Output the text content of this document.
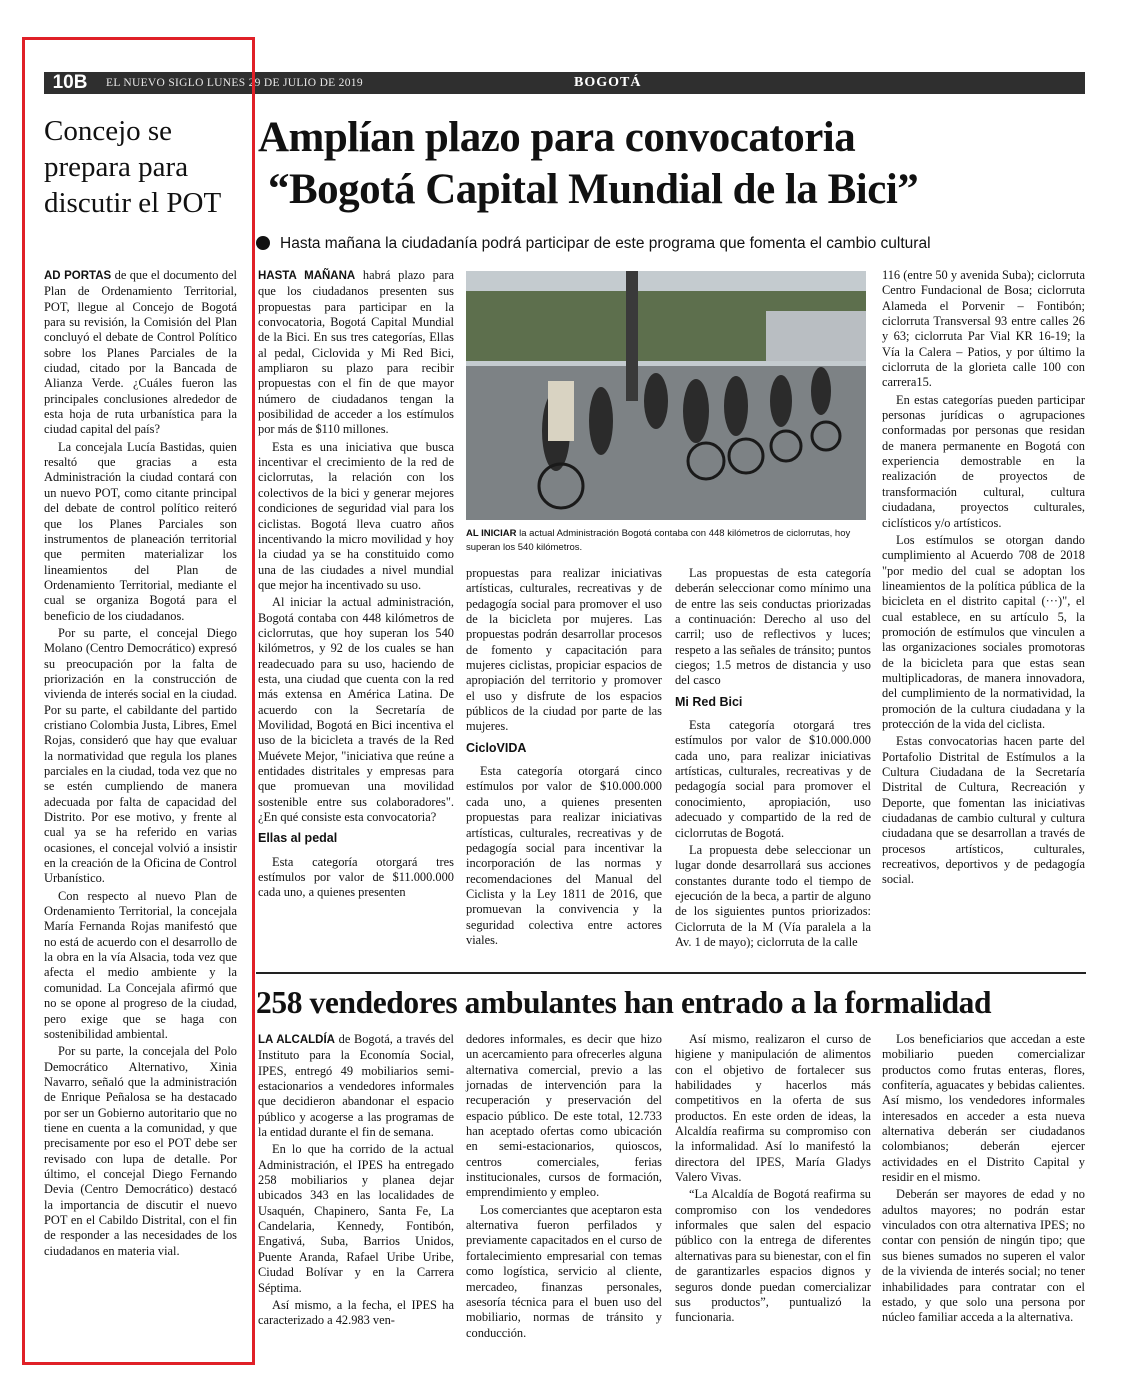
10B	EL NUEVO SIGLO LUNES 29 DE JULIO DE 2019	BOGOTÁ
Concejo se prepara para discutir el POT

AD PORTAS de que el documento del Plan de Ordenamiento Territorial, POT, llegue al Concejo de Bogotá para su revisión, la Comisión del Plan concluyó el debate de Control Político sobre los Planes Parciales de la ciudad, citado por la Bancada de Alianza Verde. ¿Cuáles fueron las principales conclusiones alrededor de esta hoja de ruta urbanística para la ciudad capital del país?

La concejala Lucía Bastidas, quien resaltó que gracias a esta Administración la ciudad contará con un nuevo POT, como citante principal del debate de control político reiteró que los Planes Parciales son instrumentos de planeación territorial que permiten materializar los lineamientos del Plan de Ordenamiento Territorial, mediante el cual se organiza Bogotá para el beneficio de los ciudadanos.

Por su parte, el concejal Diego Molano (Centro Democrático) expresó su preocupación por la falta de priorización en la construcción de vivienda de interés social en la ciudad. Por su parte, el cabildante del partido cristiano Colombia Justa, Libres, Emel Rojas, consideró que hay que evaluar la normatividad que regula los planes parciales en la ciudad, toda vez que no se estén cumpliendo de manera adecuada por falta de capacidad del Distrito. Por ese motivo, y frente al cual ya se ha referido en varias ocasiones, el concejal volvió a insistir en la creación de la Oficina de Control Urbanístico.

Con respecto al nuevo Plan de Ordenamiento Territorial, la concejala María Fernanda Rojas manifestó que no está de acuerdo con el desarrollo de la obra en la vía Alsacia, toda vez que afecta el medio ambiente y la comunidad. La Concejala afirmó que no se opone al progreso de la ciudad, pero exige que se haga con sostenibilidad ambiental.

Por su parte, la concejala del Polo Democrático Alternativo, Xinia Navarro, señaló que la administración de Enrique Peñalosa se ha destacado por ser un Gobierno autoritario que no tiene en cuenta a la comunidad, y que precisamente por eso el POT debe ser revisado con lupa de detalle. Por último, el concejal Diego Fernando Devia (Centro Democrático) destacó la importancia de discutir el nuevo POT en el Cabildo Distrital, con el fin de responder a las necesidades de los ciudadanos en materia vial.

Amplían plazo para convocatoria
“Bogotá Capital Mundial de la Bici”
Hasta mañana la ciudadanía podrá participar de este programa que fomenta el cambio cultural

HASTA MAÑANA habrá plazo para que los ciudadanos presenten sus propuestas para participar en la convocatoria, Bogotá Capital Mundial de la Bici. En sus tres categorías, Ellas al pedal, Ciclovida y Mi Red Bici, ampliaron su plazo para recibir propuestas con el fin de que mayor número de ciudadanos tengan la posibilidad de acceder a los estímulos por más de $110 millones.

Esta es una iniciativa que busca incentivar el crecimiento de la red de ciclorrutas, la relación con los colectivos de la bici y generar mejores condiciones de seguridad vial para los ciclistas. Bogotá lleva cuatro años incentivando la micro movilidad y hoy la ciudad ya se ha constituido como una de las ciudades a nivel mundial que mejor ha incentivado su uso.

Al iniciar la actual administración, Bogotá contaba con 448 kilómetros de ciclorrutas, que hoy superan los 540 kilómetros, y 92 de los cuales se han readecuado para su uso, haciendo de esta, una ciudad que cuenta con la red más extensa en América Latina. De acuerdo con la Secretaría de Movilidad, Bogotá en Bici incentiva el uso de la bicicleta a través de la Red Muévete Mejor, "iniciativa que reúne a entidades distritales y empresas para que promuevan una movilidad sostenible entre sus colaboradores". ¿En qué consiste esta convocatoria?

Ellas al pedal

Esta categoría otorgará tres estímulos por valor de $11.000.000 cada uno, a quienes presenten

AL INICIAR la actual Administración Bogotá contaba con 448 kilómetros de ciclorrutas, hoy superan los 540 kilómetros.

propuestas para realizar iniciativas artísticas, culturales, recreativas y de pedagogía social para promover el uso de la bicicleta por mujeres. Las propuestas podrán desarrollar procesos de fomento y capacitación para mujeres ciclistas, propiciar espacios de apropiación del territorio y promover el uso y disfrute de los espacios públicos de la ciudad por parte de las mujeres.

CicloVIDA

Esta categoría otorgará cinco estímulos por valor de $10.000.000 cada uno, a quienes presenten propuestas para realizar iniciativas artísticas, culturales, recreativas y de pedagogía social para incentivar la incorporación de las normas y recomendaciones del Manual del Ciclista y la Ley 1811 de 2016, que promuevan la convivencia y la seguridad colectiva entre actores viales.

Las propuestas de esta categoría deberán seleccionar como mínimo una de entre las seis conductas priorizadas a continuación: Derecho al uso del carril; uso de reflectivos y luces; respeto a las señales de tránsito; puntos ciegos; 1.5 metros de distancia y uso del casco

Mi Red Bici

Esta categoría otorgará tres estímulos por valor de $10.000.000 cada uno, para realizar iniciativas artísticas, culturales, recreativas y de pedagogía social para promover el conocimiento, apropiación, uso adecuado y compartido de la red de ciclorrutas de Bogotá.

La propuesta debe seleccionar un lugar donde desarrollará sus acciones constantes durante todo el tiempo de ejecución de la beca, a partir de alguno de los siguientes puntos priorizados: Ciclorruta de la M (Vía paralela a la Av. 1 de mayo); ciclorruta de la calle

116 (entre 50 y avenida Suba); ciclorruta Centro Fundacional de Bosa; ciclorruta Alameda el Porvenir – Fontibón; ciclorruta Transversal 93 entre calles 26 y 63; ciclorruta Par Vial KR 16-19; la Vía la Calera – Patios, y por último la ciclorruta de la glorieta calle 100 con carrera15.

En estas categorías pueden participar personas jurídicas o agrupaciones conformadas por personas que residan de manera permanente en Bogotá con experiencia demostrable en la realización de proyectos de transformación cultural, cultura ciudadana, proyectos culturales, ciclísticos y/o artísticos.

Los estímulos se otorgan dando cumplimiento al Acuerdo 708 de 2018 "por medio del cual se adoptan los lineamientos de la política pública de la bicicleta en el distrito capital (···)", el cual establece, en su artículo 5, la promoción de estímulos que vinculen a las organizaciones sociales promotoras de la bicicleta para que estas sean multiplicadoras, de manera innovadora, del cumplimiento de la normatividad, la promoción de la cultura ciudadana y la protección de la vida del ciclista.

Estas convocatorias hacen parte del Portafolio Distrital de Estímulos a la Cultura Ciudadana de la Secretaría Distrital de Cultura, Recreación y Deporte, que fomentan las iniciativas ciudadanas de cambio cultural y cultura ciudadana que se desarrollan a través de procesos artísticos, culturales, recreativos, deportivos y de pedagogía social.

258 vendedores ambulantes han entrado a la formalidad

LA ALCALDÍA de Bogotá, a través del Instituto para la Economía Social, IPES, entregó 49 mobiliarios semi-estacionarios a vendedores informales que decidieron abandonar el espacio público y acogerse a las programas de la entidad durante el fin de semana.

En lo que ha corrido de la actual Administración, el IPES ha entregado 258 mobiliarios y planea dejar ubicados 343 en las localidades de Usaquén, Chapinero, Santa Fe, La Candelaria, Kennedy, Fontibón, Engativá, Suba, Barrios Unidos, Puente Aranda, Rafael Uribe Uribe, Ciudad Bolívar y en la Carrera Séptima.

Así mismo, a la fecha, el IPES ha caracterizado a 42.983 ven-

dedores informales, es decir que hizo un acercamiento para ofrecerles alguna alternativa comercial, previo a las jornadas de intervención para la recuperación y preservación del espacio público. De este total, 12.733 han aceptado ofertas como ubicación en semi-estacionarios, quioscos, centros comerciales, ferias institucionales, cursos de formación, emprendimiento y empleo.

Los comerciantes que aceptaron esta alternativa fueron perfilados y previamente capacitados en el curso de fortalecimiento empresarial con temas como logística, servicio al cliente, mercadeo, finanzas personales, asesoría técnica para el buen uso del mobiliario, normas de tránsito y conducción.

Así mismo, realizaron el curso de higiene y manipulación de alimentos con el objetivo de fortalecer sus habilidades y hacerlos más competitivos en la oferta de sus productos. En este orden de ideas, la Alcaldía reafirma su compromiso con la informalidad. Así lo manifestó la directora del IPES, María Gladys Valero Vivas.

“La Alcaldía de Bogotá reafirma su compromiso con los vendedores informales que salen del espacio público con la entrega de diferentes alternativas para su bienestar, con el fin de garantizarles espacios dignos y seguros donde puedan comercializar sus productos”, puntualizó la funcionaria.

Los beneficiarios que accedan a este mobiliario pueden comercializar productos como frutas enteras, flores, confitería, aguacates y bebidas calientes. Así mismo, los vendedores informales interesados en acceder a esta nueva alternativa deberán ser ciudadanos colombianos; deberán ejercer actividades en el Distrito Capital y residir en el mismo.

Deberán ser mayores de edad y no adultos mayores; no podrán estar vinculados con otra alternativa IPES; no contar con pensión de ningún tipo; que sus bienes sumados no superen el valor de la vivienda de interés social; no tener inhabilidades para contratar con el estado, y que solo una persona por núcleo familiar acceda a la alternativa.
